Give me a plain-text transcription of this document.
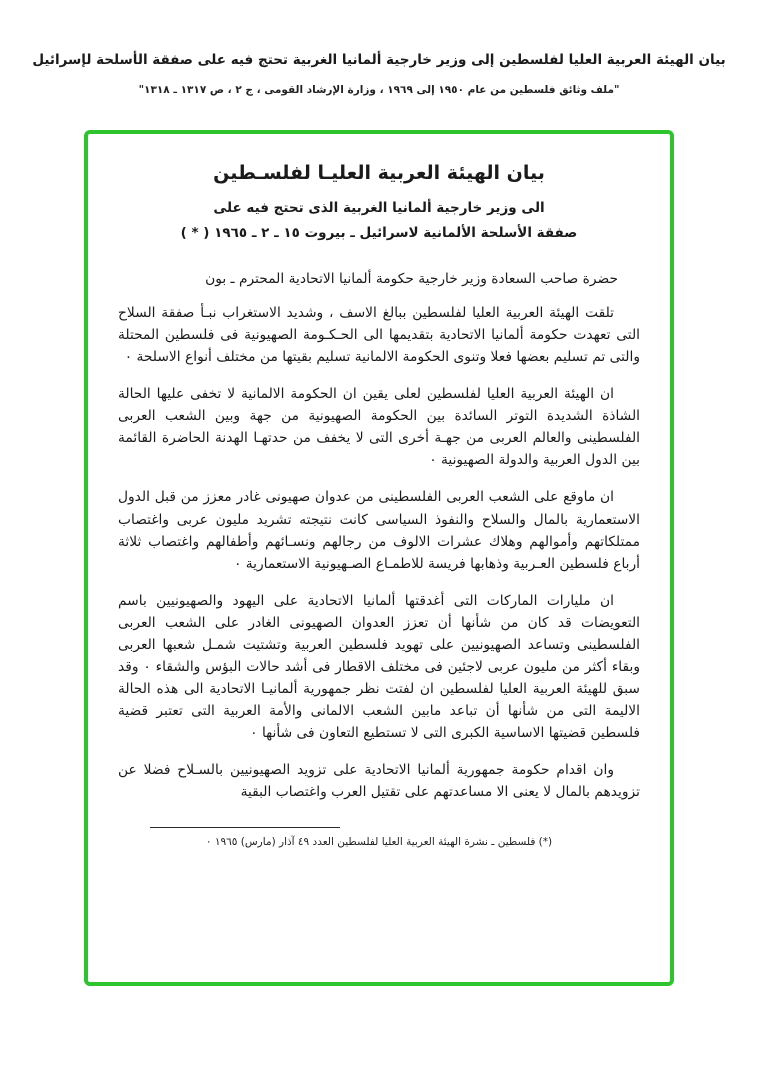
بيان الهيئة العربية العليا لفلسطين إلى وزير خارجية ألمانيا الغربية تحتج فيه على صفقة الأسلحة لإسرائيل
"ملف وثائق فلسطين من عام ١٩٥٠ إلى ١٩٦٩ ، وزارة الإرشاد القومى ، ج ٢ ، ص ١٣١٧ ـ ١٣١٨"
بيان الهيئة العربية العليـا لفلسـطين
الى وزير خارجية ألمانيا الغربية الذى تحتج فيه على
صفقة الأسلحة الألمانية لاسرائيل ـ بيروت ١٥ ـ ٢ ـ ١٩٦٥ ( * )

حضرة صاحب السعادة وزير خارجية حكومة ألمانيا الاتحادية المحترم ـ بون

تلقت الهيئة العربية العليا لفلسطين ببالغ الاسف ، وشديد الاستغراب نبـأ صفقة السلاح التى تعهدت حكومة ألمانيا الاتحادية بتقديمها الى الحـكـومة الصهيونية فى فلسطين المحتلة والتى تم تسليم بعضها فعلا وتنوى الحكومة الالمانية تسليم بقيتها من مختلف أنواع الاسلحة ٠

ان الهيئة العربية العليا لفلسطين لعلى يقين ان الحكومة الالمانية لا تخفى عليها الحالة الشاذة الشديدة التوتر السائدة بين الحكومة الصهيونية من جهة وبين الشعب العربى الفلسطينى والعالم العربى من جهـة أخرى التى لا يخفف من حدتهـا الهدنة الحاضرة القائمة بين الدول العربية والدولة الصهيونية ٠

ان ماوقع على الشعب العربى الفلسطينى من عدوان صهيونى غادر معزز من قبل الدول الاستعمارية بالمال والسلاح والنفوذ السياسى كانت نتيجته تشريد مليون عربى واغتصاب ممتلكاتهم وأموالهم وهلاك عشرات الالوف من رجالهم ونسـائهم وأطفالهم واغتصاب ثلاثة أرباع فلسطين العـربية وذهابها فريسة للاطمـاع الصـهيونية الاستعمارية ٠

ان مليارات الماركات التى أغدقتها ألمانيا الاتحادية على اليهود والصهيونيين باسم التعويضات قد كان من شأنها أن تعزز العدوان الصهيونى الغادر على الشعب العربى الفلسطينى وتساعد الصهيونيين على تهويد فلسطين العربية وتشتيت شمـل شعبها العربى وبقاء أكثر من مليون عربى لاجئين فى مختلف الاقطار فى أشد حالات البؤس والشقاء ٠ وقد سبق للهيئة العربية العليا لفلسطين ان لفتت نظر جمهورية ألمانيـا الاتحادية الى هذه الحالة الاليمة التى من شأنها أن تباعد مابين الشعب الالمانى والأمة العربية التى تعتبر قضية فلسطين قضيتها الاساسية الكبرى التى لا تستطيع التعاون فى شأنها ٠

وان اقدام حكومة جمهورية ألمانيا الاتحادية على تزويد الصهيونيين بالسـلاح فضلا عن تزويدهم بالمال لا يعنى الا مساعدتهم على تقتيل العرب واغتصاب البقية

(*) فلسطين ـ نشرة الهيئة العربية العليا لفلسطين العدد ٤٩ آذار (مارس) ١٩٦٥ ٠
